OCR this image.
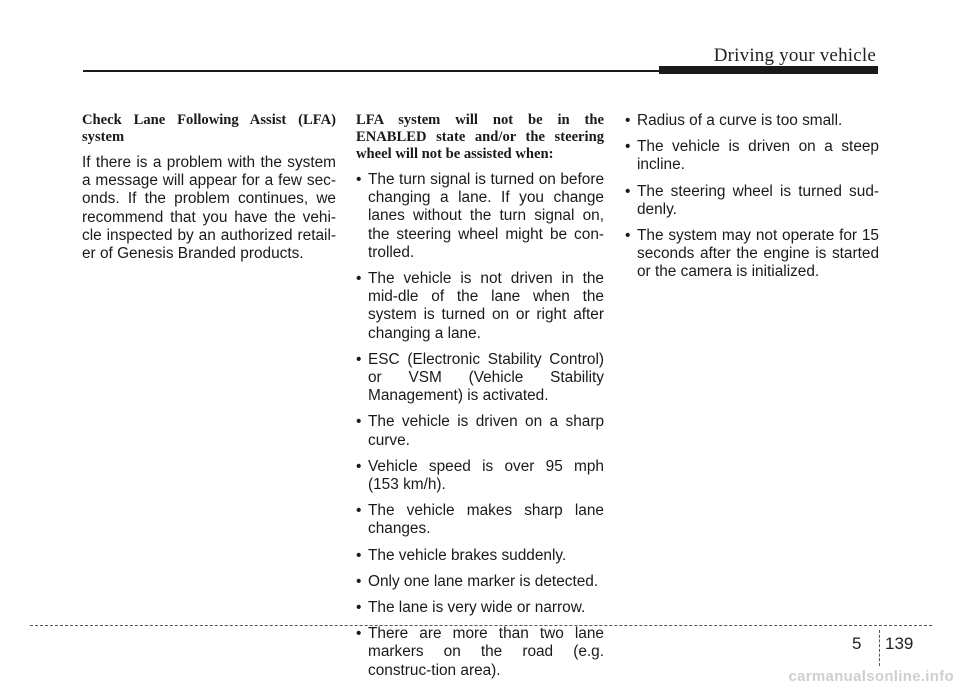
Driving your vehicle

Check Lane Following Assist (LFA) system

If there is a problem with the system a message will appear for a few sec-onds. If the problem continues, we recommend that you have the vehi-cle inspected by an authorized retail-er of Genesis Branded products.

LFA system will not be in the ENABLED state and/or the steering wheel will not be assisted when:

• The turn signal is turned on before changing a lane. If you change lanes without the turn signal on, the steering wheel might be con-trolled.
• The vehicle is not driven in the mid-dle of the lane when the system is turned on or right after changing a lane.
• ESC (Electronic Stability Control) or VSM (Vehicle Stability Management) is activated.
• The vehicle is driven on a sharp curve.
• Vehicle speed is over 95 mph (153 km/h).
• The vehicle makes sharp lane changes.
• The vehicle brakes suddenly.
• Only one lane marker is detected.
• The lane is very wide or narrow.
• There are more than two lane markers on the road (e.g. construc-tion area).
• Radius of a curve is too small.
• The vehicle is driven on a steep incline.
• The steering wheel is turned sud-denly.
• The system may not operate for 15 seconds after the engine is started or the camera is initialized.
5 139
carmanualsonline.info
